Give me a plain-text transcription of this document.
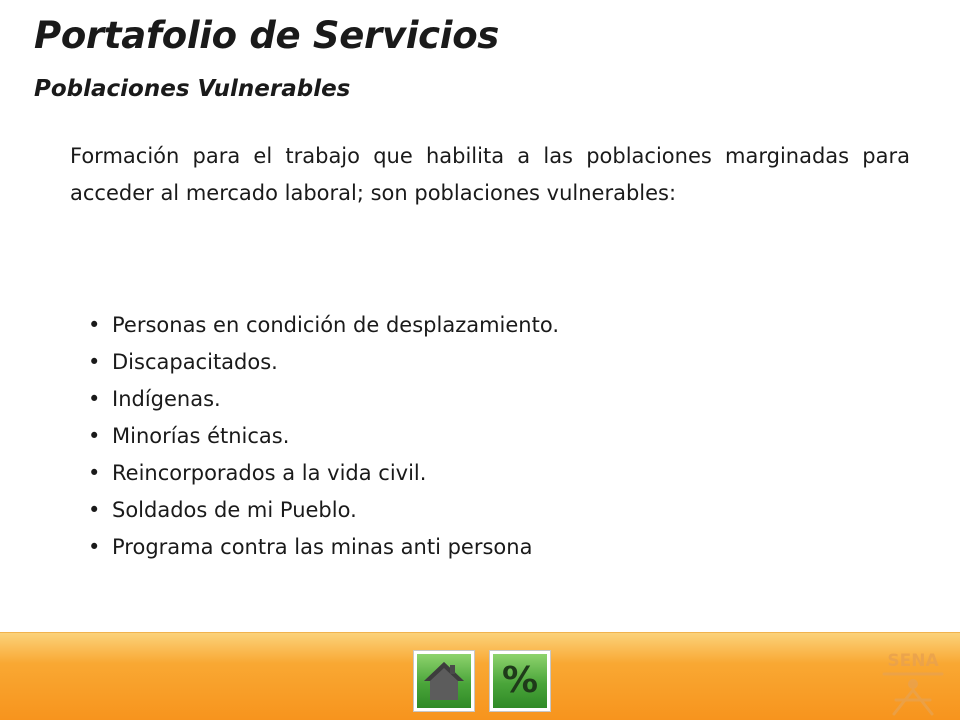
Portafolio de Servicios
Poblaciones Vulnerables

Formación para el trabajo que habilita a las poblaciones marginadas para acceder al mercado laboral; son poblaciones vulnerables:

• Personas en condición de desplazamiento.
• Discapacitados.
• Indígenas.
• Minorías étnicas.
• Reincorporados a la vida civil.
• Soldados de mi Pueblo.
• Programa contra las minas anti persona
%	SENA
